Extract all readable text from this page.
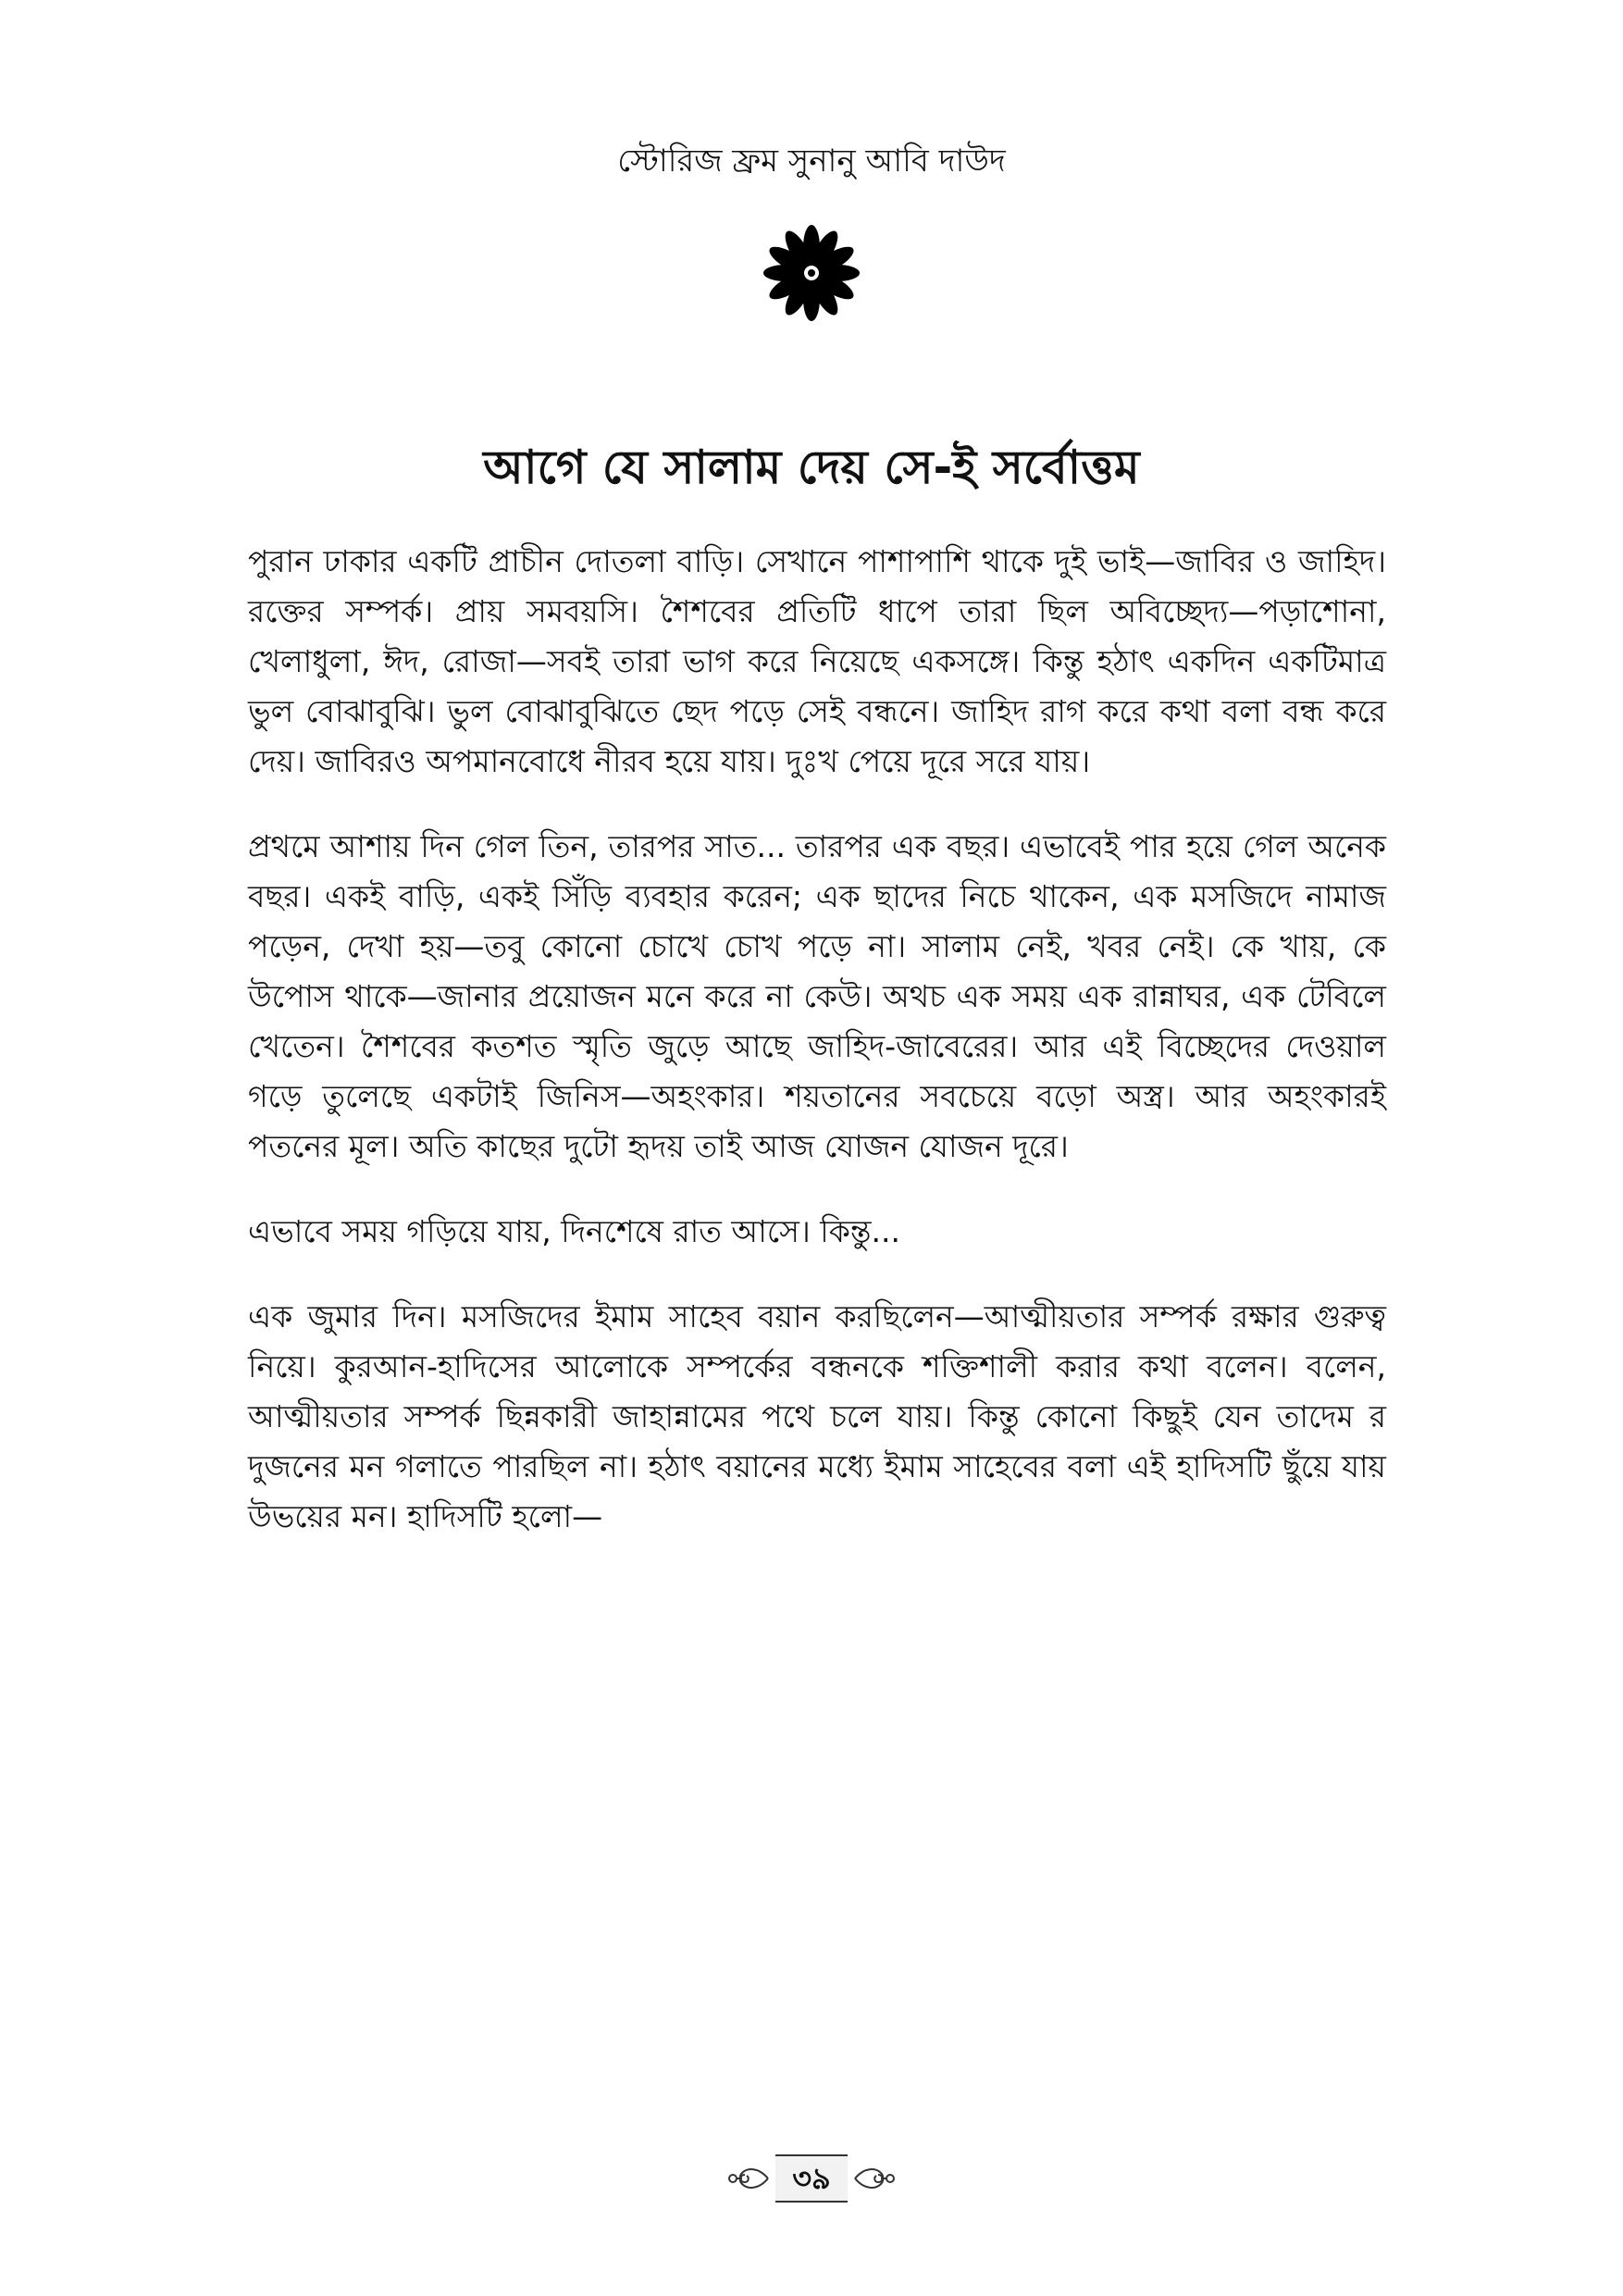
স্টোরিজ ফ্রম সুনানু আবি দাউদ
আগে যে সালাম দেয় সে-ই সর্বোত্তম

পুরান ঢাকার একটি প্রাচীন দোতলা বাড়ি। সেখানে পাশাপাশি থাকে দুই ভাই—জাবির ও জাহিদ। রক্তের সম্পর্ক। প্রায় সমবয়সি। শৈশবের প্রতিটি ধাপে তারা ছিল অবিচ্ছেদ্য—পড়াশোনা, খেলাধুলা, ঈদ, রোজা—সবই তারা ভাগ করে নিয়েছে একসঙ্গে। কিন্তু হঠাৎ একদিন একটিমাত্র ভুল বোঝাবুঝি। ভুল বোঝাবুঝিতে ছেদ পড়ে সেই বন্ধনে। জাহিদ রাগ করে কথা বলা বন্ধ করে দেয়। জাবিরও অপমানবোধে নীরব হয়ে যায়। দুঃখ পেয়ে দূরে সরে যায়।

প্রথমে আশায় দিন গেল তিন, তারপর সাত... তারপর এক বছর। এভাবেই পার হয়ে গেল অনেক বছর। একই বাড়ি, একই সিঁড়ি ব্যবহার করেন; এক ছাদের নিচে থাকেন, এক মসজিদে নামাজ পড়েন, দেখা হয়—তবু কোনো চোখে চোখ পড়ে না। সালাম নেই, খবর নেই। কে খায়, কে উপোস থাকে—জানার প্রয়োজন মনে করে না কেউ। অথচ এক সময় এক রান্নাঘর, এক টেবিলে খেতেন। শৈশবের কতশত স্মৃতি জুড়ে আছে জাহিদ-জাবেরের। আর এই বিচ্ছেদের দেওয়াল গড়ে তুলেছে একটাই জিনিস—অহংকার। শয়তানের সবচেয়ে বড়ো অস্ত্র। আর অহংকারই পতনের মূল। অতি কাছের দুটো হৃদয় তাই আজ যোজন যোজন দূরে।

এভাবে সময় গড়িয়ে যায়, দিনশেষে রাত আসে। কিন্তু...

এক জুমার দিন। মসজিদের ইমাম সাহেব বয়ান করছিলেন—আত্মীয়তার সম্পর্ক রক্ষার গুরুত্ব নিয়ে। কুরআন-হাদিসের আলোকে সম্পর্কের বন্ধনকে শক্তিশালী করার কথা বলেন। বলেন, আত্মীয়তার সম্পর্ক ছিন্নকারী জাহান্নামের পথে চলে যায়। কিন্তু কোনো কিছুই যেন তাদেম র দুজনের মন গলাতে পারছিল না। হঠাৎ বয়ানের মধ্যে ইমাম সাহেবের বলা এই হাদিসটি ছুঁয়ে যায় উভয়ের মন। হাদিসটি হলো—

৩৯
